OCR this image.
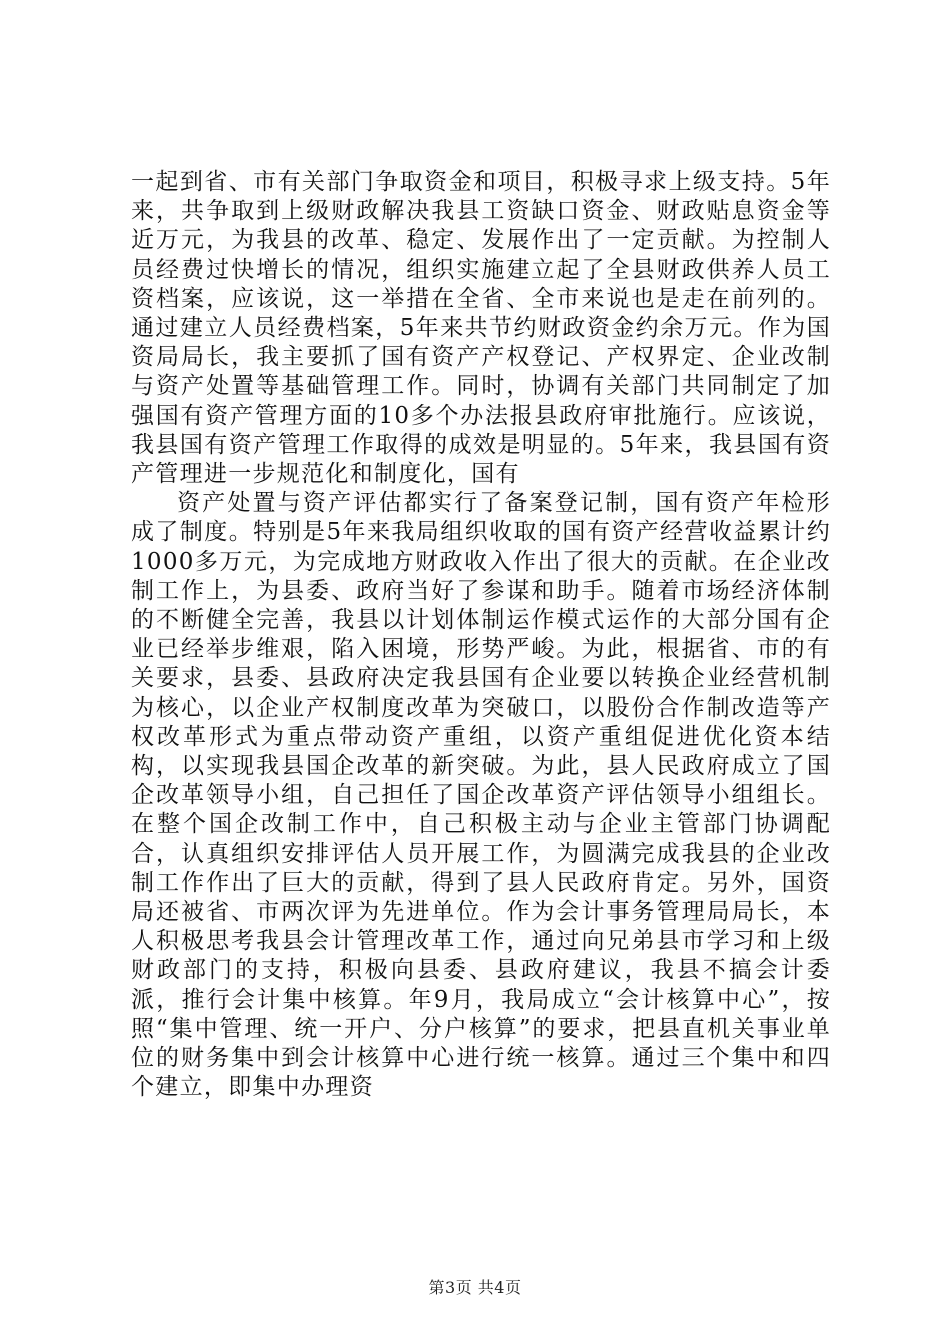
一起到省、市有关部门争取资金和项目，积极寻求上级支持。5年来，共争取到上级财政解决我县工资缺口资金、财政贴息资金等近万元，为我县的改革、稳定、发展作出了一定贡献。为控制人员经费过快增长的情况，组织实施建立起了全县财政供养人员工资档案，应该说，这一举措在全省、全市来说也是走在前列的。通过建立人员经费档案，5年来共节约财政资金约余万元。作为国资局局长，我主要抓了国有资产产权登记、产权界定、企业改制与资产处置等基础管理工作。同时，协调有关部门共同制定了加强国有资产管理方面的10多个办法报县政府审批施行。应该说，我县国有资产管理工作取得的成效是明显的。5年来，我县国有资产管理进一步规范化和制度化，国有

资产处置与资产评估都实行了备案登记制，国有资产年检形成了制度。特别是5年来我局组织收取的国有资产经营收益累计约1000多万元，为完成地方财政收入作出了很大的贡献。在企业改制工作上，为县委、政府当好了参谋和助手。随着市场经济体制的不断健全完善，我县以计划体制运作模式运作的大部分国有企业已经举步维艰，陷入困境，形势严峻。为此，根据省、市的有关要求，县委、县政府决定我县国有企业要以转换企业经营机制为核心，以企业产权制度改革为突破口，以股份合作制改造等产权改革形式为重点带动资产重组，以资产重组促进优化资本结构，以实现我县国企改革的新突破。为此，县人民政府成立了国企改革领导小组，自己担任了国企改革资产评估领导小组组长。在整个国企改制工作中，自己积极主动与企业主管部门协调配合，认真组织安排评估人员开展工作，为圆满完成我县的企业改制工作作出了巨大的贡献，得到了县人民政府肯定。另外，国资局还被省、市两次评为先进单位。作为会计事务管理局局长，本人积极思考我县会计管理改革工作，通过向兄弟县市学习和上级财政部门的支持，积极向县委、县政府建议，我县不搞会计委派，推行会计集中核算。年9月，我局成立“会计核算中心”，按照“集中管理、统一开户、分户核算”的要求，把县直机关事业单位的财务集中到会计核算中心进行统一核算。通过三个集中和四个建立，即集中办理资

第3页 共4页
